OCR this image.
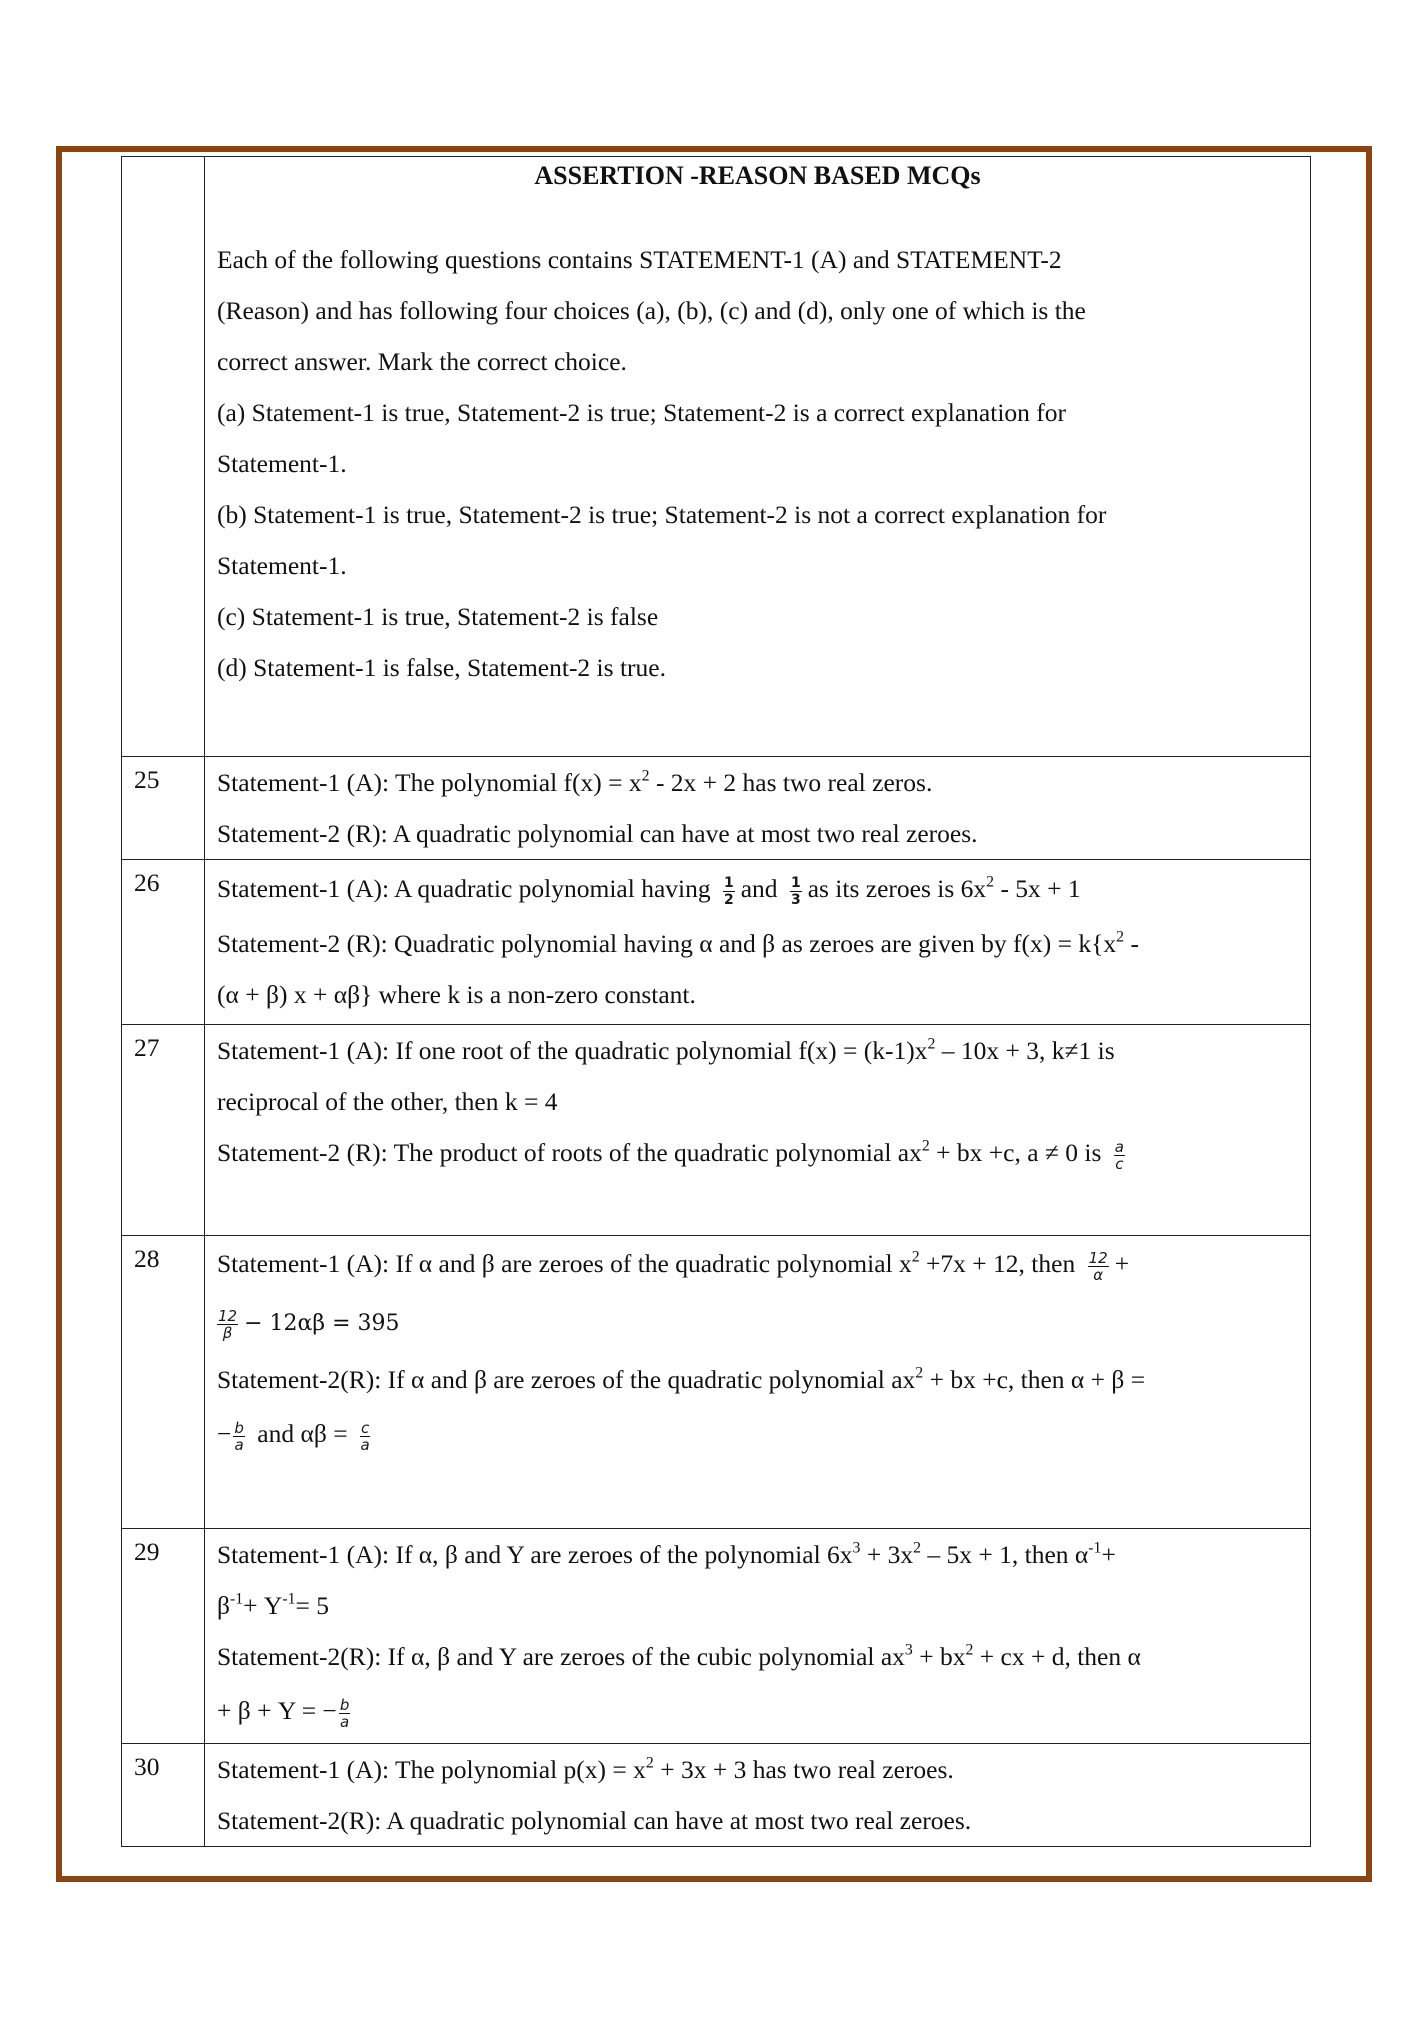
ASSERTION -REASON BASED MCQs
Each of the following questions contains STATEMENT-1 (A) and STATEMENT-2
(Reason) and has following four choices (a), (b), (c) and (d), only one of which is the
correct answer. Mark the correct choice.
(a) Statement-1 is true, Statement-2 is true; Statement-2 is a correct explanation for
Statement-1.
(b) Statement-1 is true, Statement-2 is true; Statement-2 is not a correct explanation for
Statement-1.
(c) Statement-1 is true, Statement-2 is false
(d) Statement-1 is false, Statement-2 is true.

25	Statement-1 (A): The polynomial $f(x) = x^2 - 2x + 2$ has two real zeros.
Statement-2 (R): A quadratic polynomial can have at most two real zeroes.

26	Statement-1 (A): A quadratic polynomial having $\frac{1}{2}$ and $\frac{1}{3}$ as its zeroes is $6x^2 - 5x + 1$
Statement-2 (R): Quadratic polynomial having α and β as zeroes are given by $f(x) = k\{x^2$ -
(α + β) x + αβ} where k is a non-zero constant.

27	Statement-1 (A): If one root of the quadratic polynomial $f(x) = (k-1)x^2 - 10x + 3$, k≠1 is
reciprocal of the other, then k = 4
Statement-2 (R): The product of roots of the quadratic polynomial $ax^2$ + bx +c, a ≠ 0 is $\frac{a}{c}$

28	Statement-1 (A): If α and β are zeroes of the quadratic polynomial $x^2 +7x + 12$, then $\frac{12}{\alpha}$ +
$\frac{12}{\beta} - 12\alpha\beta = 395$
Statement-2(R): If α and β are zeroes of the quadratic polynomial $ax^2$ + bx +c, then α + β =
− $\frac{b}{a}$ and $\alpha\beta = \frac{c}{a}$

29	Statement-1 (A): If α, β and Y are zeroes of the polynomial $6x^3 + 3x^2 - 5x + 1$, then $\alpha^{-1}+$
$\beta^{-1}+ Y^{-1}= 5$
Statement-2(R): If α, β and Y are zeroes of the cubic polynomial $ax^3 + bx^2$ + cx + d, then α
+ β + Y = − $\frac{b}{a}$

30	Statement-1 (A): The polynomial $p(x) = x^2 + 3x + 3$ has two real zeroes.
Statement-2(R): A quadratic polynomial can have at most two real zeroes.
